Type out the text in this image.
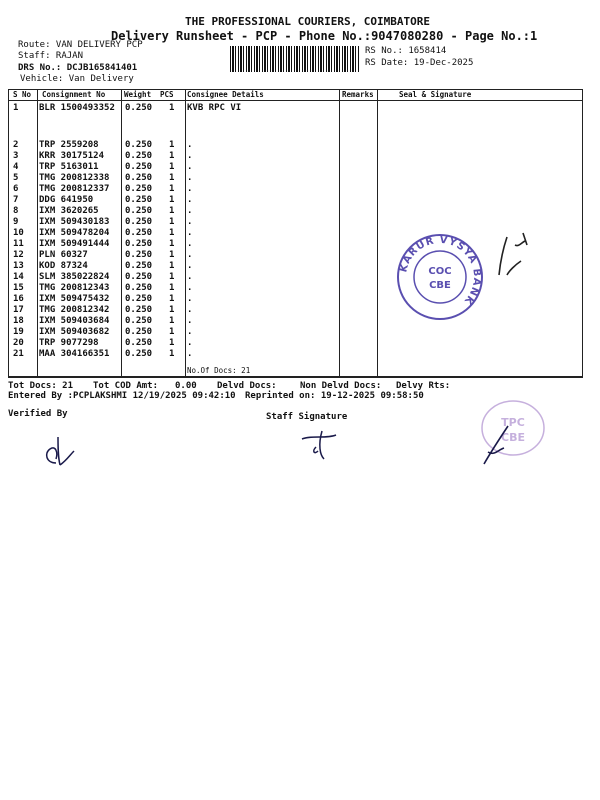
THE PROFESSIONAL COURIERS, COIMBATORE
Delivery Runsheet - PCP - Phone No.:9047080280 - Page No.:1
Route: VAN DELIVERY PCP
Staff: RAJAN
DRS No.: DCJB165841401
Vehicle: Van Delivery
RS No.: 1658414
RS Date: 19-Dec-2025
S No Consignment No	Weight PCS Consignee Details	Remarks	Seal & Signature
1 BLR 1500493352 0.250 1 KVB RPC VI
2 TRP 2559208	0.250 1 .
3 KRR 30175124 0.250 1 .
4 TRP 5163011	0.250 1 .
5 TMG 200812338 0.250 1 .
6 TMG 200812337 0.250 1 .
7 DDG 641950	0.250 1 .
8 IXM 3620265	0.250 1 .
9 IXM 509430183 0.250 1 .
10 IXM 509478204 0.250 1 .
11 IXM 509491444 0.250 1 .
12 PLN 60327	0.250 1 .
13 KOD 87324	0.250 1 .
14 SLM 385022824 0.250 1 .
15 TMG 200812343 0.250 1 .
16 IXM 509475432 0.250 1 .
17 TMG 200812342 0.250 1 .
18 IXM 509403684 0.250 1 .
19 IXM 509403682 0.250 1 .
20 TRP 9077298	0.250 1 .
21 MAA 304166351 0.250 1 .
No.Of Docs: 21
Tot Docs: 21 Tot COD Amt: 0.00 Delvd Docs:	Non Delvd Docs: Delvy Rts:
Entered By :PCPLAKSHMI 12/19/2025 09:42:10 Reprinted on: 19-12-2025 09:58:50
Verified By	Staff Signature
KARUR VYSYA BANK
COC
CBE
TPC
CBE
